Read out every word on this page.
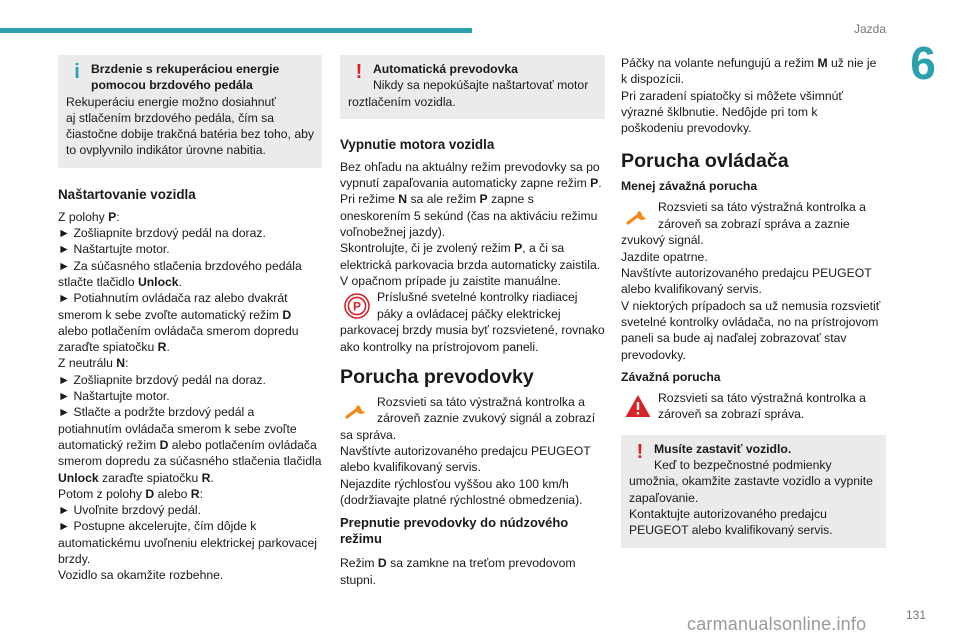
Jazda
6
i Brzdenie s rekuperáciou energie
pomocou brzdového pedála

Rekuperáciu energie možno dosiahnuť

aj stlačením brzdového pedála, čím sa

čiastočne dobije trakčná batéria bez toho, aby

to ovplyvnilo indikátor úrovne nabitia.

Naštartovanie vozidla

Z polohy P:

► Zošliapnite brzdový pedál na doraz.

► Naštartujte motor.

► Za súčasného stlačenia brzdového pedála

stlačte tlačidlo Unlock.

► Potiahnutím ovládača raz alebo dvakrát

smerom k sebe zvoľte automatický režim D

alebo potlačením ovládača smerom dopredu

zaraďte spiatočku R.

Z neutrálu N:

► Zošliapnite brzdový pedál na doraz.

► Naštartujte motor.

► Stlačte a podržte brzdový pedál a

potiahnutím ovládača smerom k sebe zvoľte

automatický režim D alebo potlačením ovládača

smerom dopredu za súčasného stlačenia tlačidla

Unlock zaraďte spiatočku R.

Potom z polohy D alebo R:

► Uvoľnite brzdový pedál.

► Postupne akcelerujte, čím dôjde k

automatickému uvoľneniu elektrickej parkovacej

brzdy.

Vozidlo sa okamžite rozbehne.

! Automatická prevodovka
Nikdy sa nepokúšajte naštartovať motor
roztlačením vozidla.
Vypnutie motora vozidla

Bez ohľadu na aktuálny režim prevodovky sa po

vypnutí zapaľovania automaticky zapne režim P.

Pri režime N sa ale režim P zapne s

oneskorením 5 sekúnd (čas na aktiváciu režimu

voľnobežnej jazdy).

Skontrolujte, či je zvolený režim P, a či sa

elektrická parkovacia brzda automaticky zaistila.

V opačnom prípade ju zaistite manuálne.

P

Príslušné svetelné kontrolky riadiacej

páky a ovládacej páčky elektrickej

parkovacej brzdy musia byť rozsvietené, rovnako

ako kontrolky na prístrojovom paneli.

Porucha prevodovky

Rozsvieti sa táto výstražná kontrolka a

zároveň zaznie zvukový signál a zobrazí

sa správa.

Navštívte autorizovaného predajcu PEUGEOT

alebo kvalifikovaný servis.

Nejazdite rýchlosťou vyššou ako 100 km/h

(dodržiavajte platné rýchlostné obmedzenia).

Prepnutie prevodovky do núdzového
režimu

Režim D sa zamkne na treťom prevodovom

stupni.

Páčky na volante nefungujú a režim M už nie je

k dispozícii.

Pri zaradení spiatočky si môžete všimnúť

výrazné šklbnutie. Nedôjde pri tom k

poškodeniu prevodovky.

Porucha ovládača
Menej závažná porucha

Rozsvieti sa táto výstražná kontrolka a

zároveň sa zobrazí správa a zaznie

zvukový signál.

Jazdite opatrne.

Navštívte autorizovaného predajcu PEUGEOT

alebo kvalifikovaný servis.

V niektorých prípadoch sa už nemusia rozsvietiť

svetelné kontrolky ovládača, no na prístrojovom

paneli sa bude aj naďalej zobrazovať stav

prevodovky.

Závažná porucha

Rozsvieti sa táto výstražná kontrolka a

zároveň sa zobrazí správa.

! Musíte zastaviť vozidlo.
Keď to bezpečnostné podmienky
umožnia, okamžite zastavte vozidlo a vypnite
zapaľovanie.
Kontaktujte autorizovaného predajcu
PEUGEOT alebo kvalifikovaný servis.
131
carmanualsonline.info
